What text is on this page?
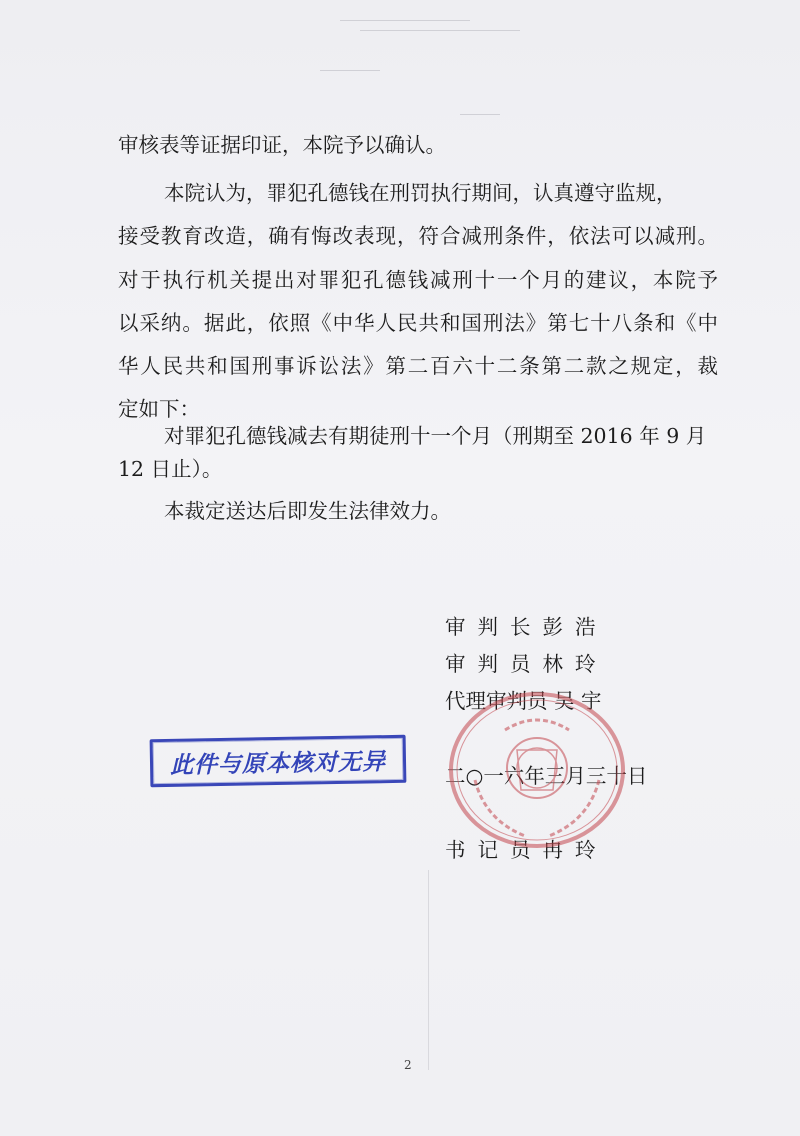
审核表等证据印证，本院予以确认。
本院认为，罪犯孔德钱在刑罚执行期间，认真遵守监规，
接受教育改造，确有悔改表现，符合减刑条件，依法可以减刑。
对于执行机关提出对罪犯孔德钱减刑十一个月的建议，本院予
以采纳。据此，依照《中华人民共和国刑法》第七十八条和《中
华人民共和国刑事诉讼法》第二百六十二条第二款之规定，裁
定如下：
对罪犯孔德钱减去有期徒刑十一个月（刑期至 2016 年 9 月
12 日止）。
本裁定送达后即发生法律效力。
审判长彭浩
审判员林玲
代理审判员 吴 宇
二○一六年三月三十日
书记员冉玲
此件与原本核对无异
2
